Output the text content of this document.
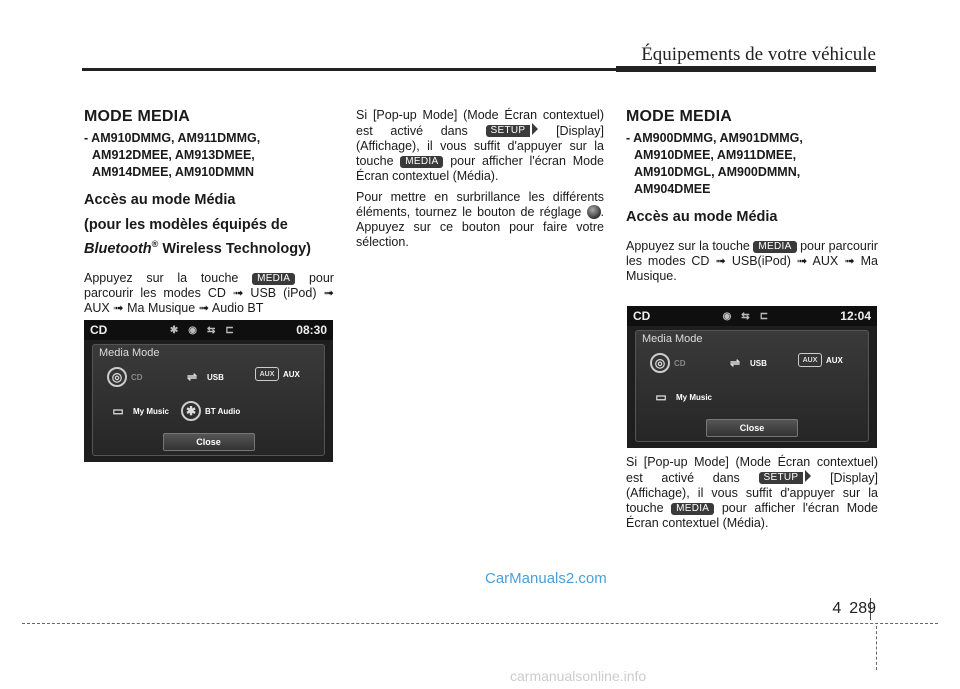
Équipements de votre véhicule
MODE MEDIA
- AM910DMMG, AM911DMMG,
AM912DMEE, AM913DMEE,
AM914DMEE, AM910DMMN
Accès au mode Média
(pour les modèles équipés de
Bluetooth® Wireless Technology)

Appuyez sur la touche MEDIA pour parcourir les modes CD ➟ USB (iPod) ➟ AUX ➟ Ma Musique ➟ Audio BT

CD	✱ ◉ ⇆ ⊏	08:30
Media Mode
◎	CD	⇌	USB	AUX	AUX
▭	My Music	✱	BT Audio
Close

Si [Pop-up Mode] (Mode Écran contextuel) est activé dans SETUP [Display] (Affichage), il vous suffit d'appuyer sur la touche MEDIA pour afficher l'écran Mode Écran contextuel (Média).

Pour mettre en surbrillance les différents éléments, tournez le bouton de réglage . Appuyez sur ce bouton pour faire votre sélection.

MODE MEDIA
- AM900DMMG, AM901DMMG,
AM910DMEE, AM911DMEE,
AM910DMGL, AM900DMMN,
AM904DMEE
Accès au mode Média

Appuyez sur la touche MEDIA pour parcourir les modes CD ➟ USB(iPod) ➟ AUX ➟ Ma Musique.

CD	◉ ⇆ ⊏	12:04
Media Mode
◎	CD	⇌	USB	AUX	AUX
▭	My Music
Close

Si [Pop-up Mode] (Mode Écran contextuel) est activé dans SETUP	[Display] (Affichage), il vous suffit d'appuyer sur la touche MEDIA pour afficher l'écran Mode Écran contextuel (Média).

CarManuals2.com
4 289
carmanualsonline.info
